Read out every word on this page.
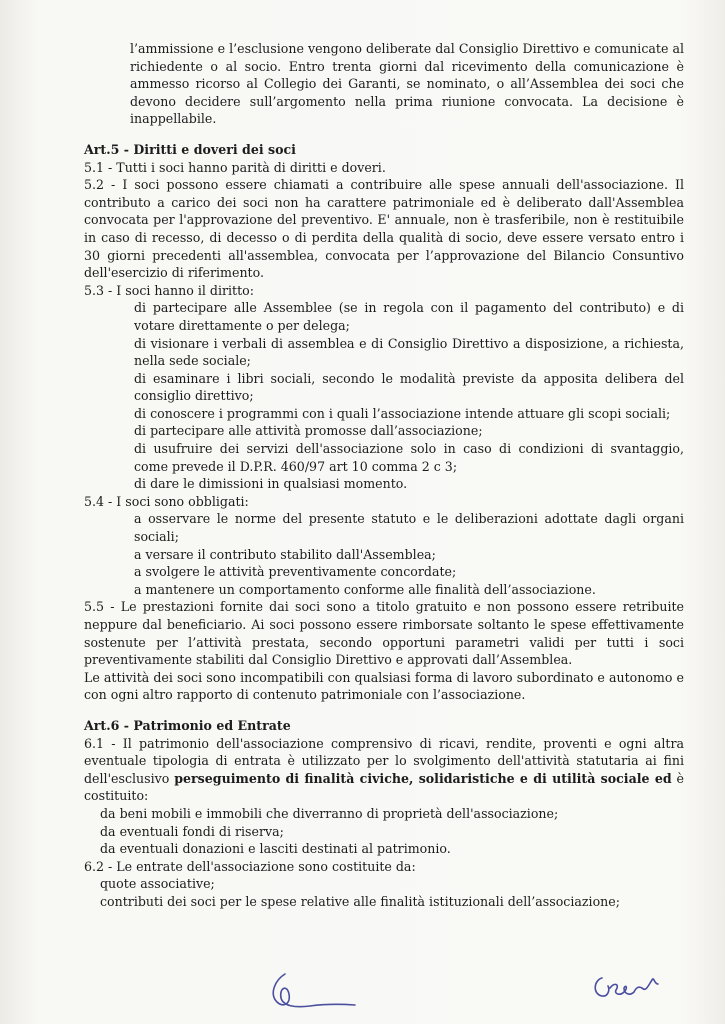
l’ammissione e l’esclusione vengono deliberate dal Consiglio Direttivo e comunicate al richiedente o al socio. Entro trenta giorni dal ricevimento della comunicazione è ammesso ricorso al Collegio dei Garanti, se nominato, o all’Assemblea dei soci che devono decidere sull’argomento nella prima riunione convocata. La decisione è inappellabile.

Art.5 - Diritti e doveri dei soci

5.1 - Tutti i soci hanno parità di diritti e doveri.

5.2 - I soci possono essere chiamati a contribuire alle spese annuali dell'associazione. Il contributo a carico dei soci non ha carattere patrimoniale ed è deliberato dall'Assemblea convocata per l'approvazione del preventivo. E' annuale, non è trasferibile, non è restituibile in caso di recesso, di decesso o di perdita della qualità di socio, deve essere versato entro i 30 giorni precedenti all'assemblea, convocata per l’approvazione del Bilancio Consuntivo dell'esercizio di riferimento.

5.3 - I soci hanno il diritto:

di partecipare alle Assemblee (se in regola con il pagamento del contributo) e di votare direttamente o per delega;

di visionare i verbali di assemblea e di Consiglio Direttivo a disposizione, a richiesta, nella sede sociale;

di esaminare i libri sociali, secondo le modalità previste da apposita delibera del consiglio direttivo;

di conoscere i programmi con i quali l’associazione intende attuare gli scopi sociali;

di partecipare alle attività promosse dall’associazione;

di usufruire dei servizi dell'associazione solo in caso di condizioni di svantaggio, come prevede il D.P.R. 460/97 art 10 comma 2 c 3;

di dare le dimissioni in qualsiasi momento.

5.4 - I soci sono obbligati:

a osservare le norme del presente statuto e le deliberazioni adottate dagli organi sociali;

a versare il contributo stabilito dall'Assemblea;

a svolgere le attività preventivamente concordate;

a mantenere un comportamento conforme alle finalità dell’associazione.

5.5 - Le prestazioni fornite dai soci sono a titolo gratuito e non possono essere retribuite neppure dal beneficiario. Ai soci possono essere rimborsate soltanto le spese effettivamente sostenute per l’attività prestata, secondo opportuni parametri validi per tutti i soci preventivamente stabiliti dal Consiglio Direttivo e approvati dall’Assemblea.

Le attività dei soci sono incompatibili con qualsiasi forma di lavoro subordinato e autonomo e con ogni altro rapporto di contenuto patrimoniale con l’associazione.

Art.6 - Patrimonio ed Entrate

6.1 - Il patrimonio dell'associazione comprensivo di ricavi, rendite, proventi e ogni altra eventuale tipologia di entrata è utilizzato per lo svolgimento dell'attività statutaria ai fini dell'esclusivo perseguimento di finalità civiche, solidaristiche e di utilità sociale ed è costituito:

da beni mobili e immobili che diverranno di proprietà dell'associazione;

da eventuali fondi di riserva;

da eventuali donazioni e lasciti destinati al patrimonio.

6.2 - Le entrate dell'associazione sono costituite da:

quote associative;

contributi dei soci per le spese relative alle finalità istituzionali dell’associazione;
